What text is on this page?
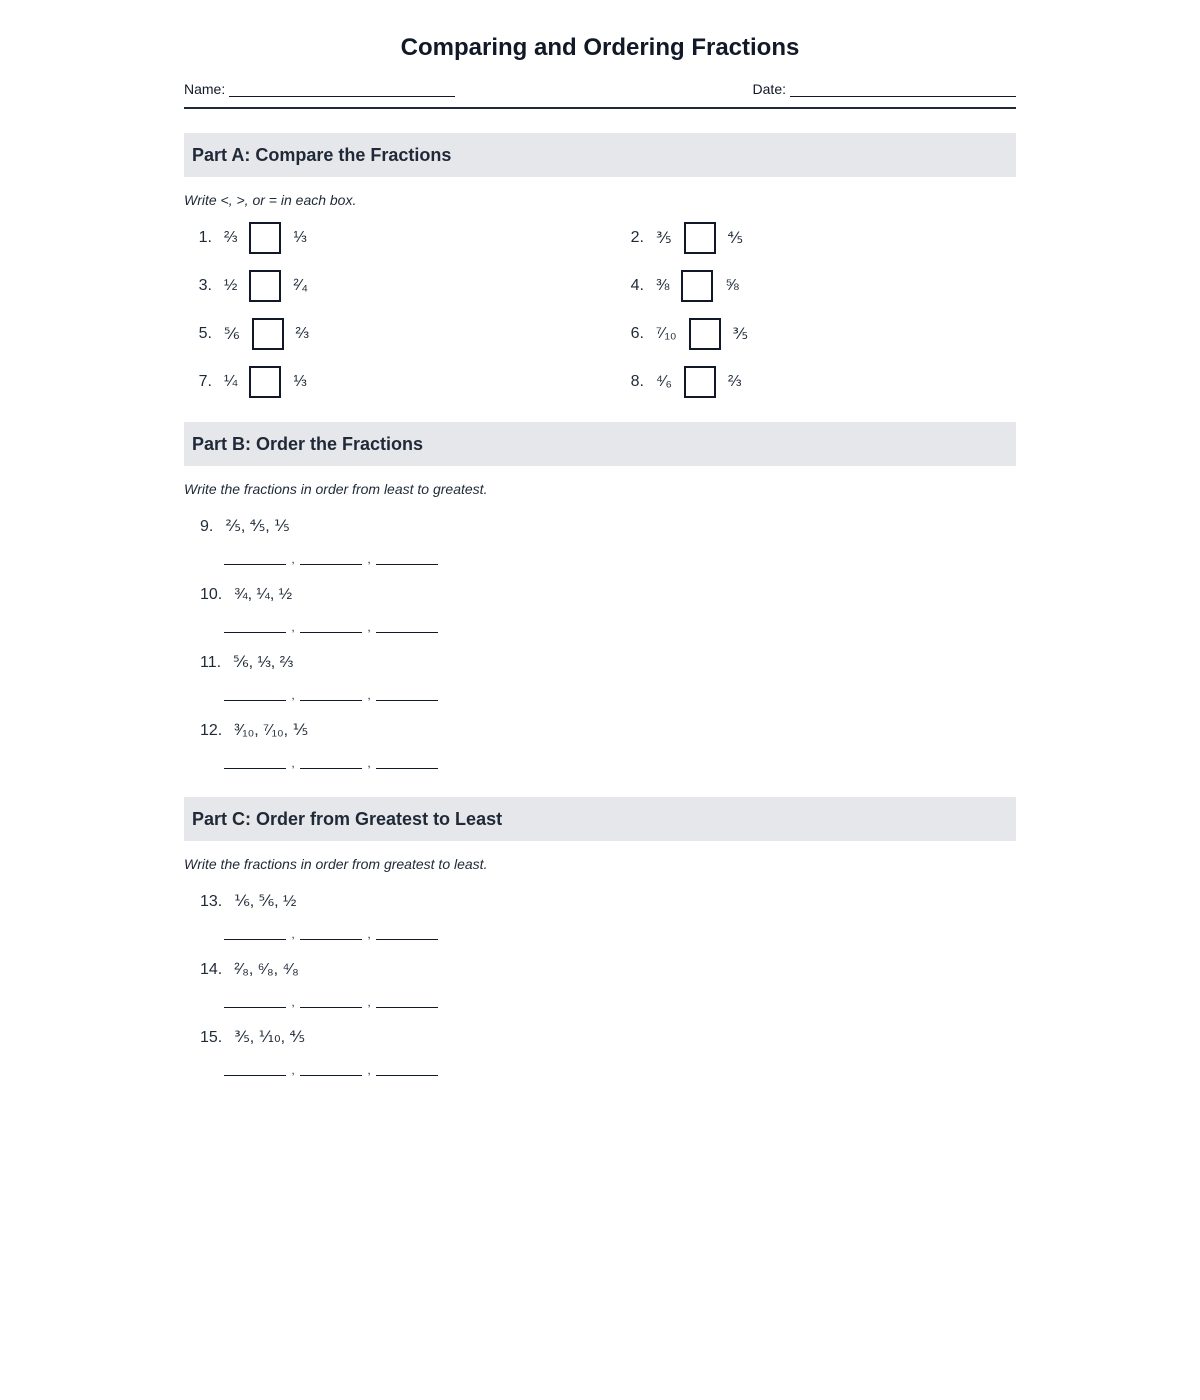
Comparing and Ordering Fractions
Name:	Date:
Part A: Compare the Fractions
Write <, >, or = in each box.
1. ⅔	⅓	2. ⅗	⅘
3. ½	²⁄₄	4. ⅜	⅝
5. ⅚	⅔	6. ⁷⁄₁₀	⅗
7. ¼	⅓	8. ⁴⁄₆	⅔
Part B: Order the Fractions
Write the fractions in order from least to greatest.
9. ⅖, ⅘, ⅕
,	,
10. ¾, ¼, ½
,	,
11. ⅚, ⅓, ⅔
,	,
12. ³⁄₁₀, ⁷⁄₁₀, ⅕
,	,
Part C: Order from Greatest to Least
Write the fractions in order from greatest to least.
13. ⅙, ⅚, ½
,	,
14. ²⁄₈, ⁶⁄₈, ⁴⁄₈
,	,
15. ⅗, ⅒, ⅘
,	,
